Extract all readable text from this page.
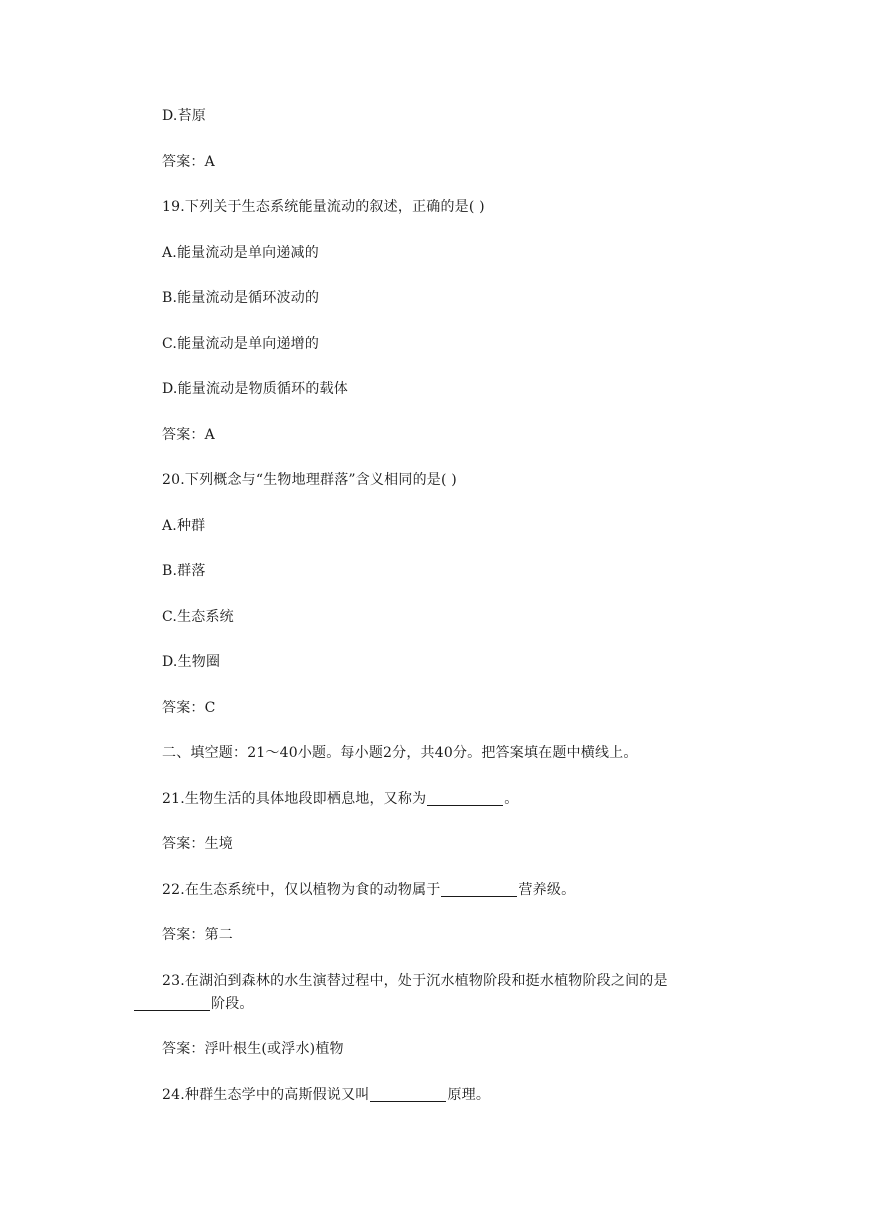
D.苔原
答案：A
19.下列关于生态系统能量流动的叙述，正确的是( )
A.能量流动是单向递减的
B.能量流动是循环波动的
C.能量流动是单向递增的
D.能量流动是物质循环的载体
答案：A
20.下列概念与“生物地理群落”含义相同的是( )
A.种群
B.群落
C.生态系统
D.生物圈
答案：C
二、填空题：21～40小题。每小题2分，共40分。把答案填在题中横线上。
21.生物生活的具体地段即栖息地，又称为	。
答案：生境
22.在生态系统中，仅以植物为食的动物属于	营养级。
答案：第二
23.在湖泊到森林的水生演替过程中，处于沉水植物阶段和挺水植物阶段之间的是
阶段。
答案：浮叶根生(或浮水)植物
24.种群生态学中的高斯假说又叫	原理。
